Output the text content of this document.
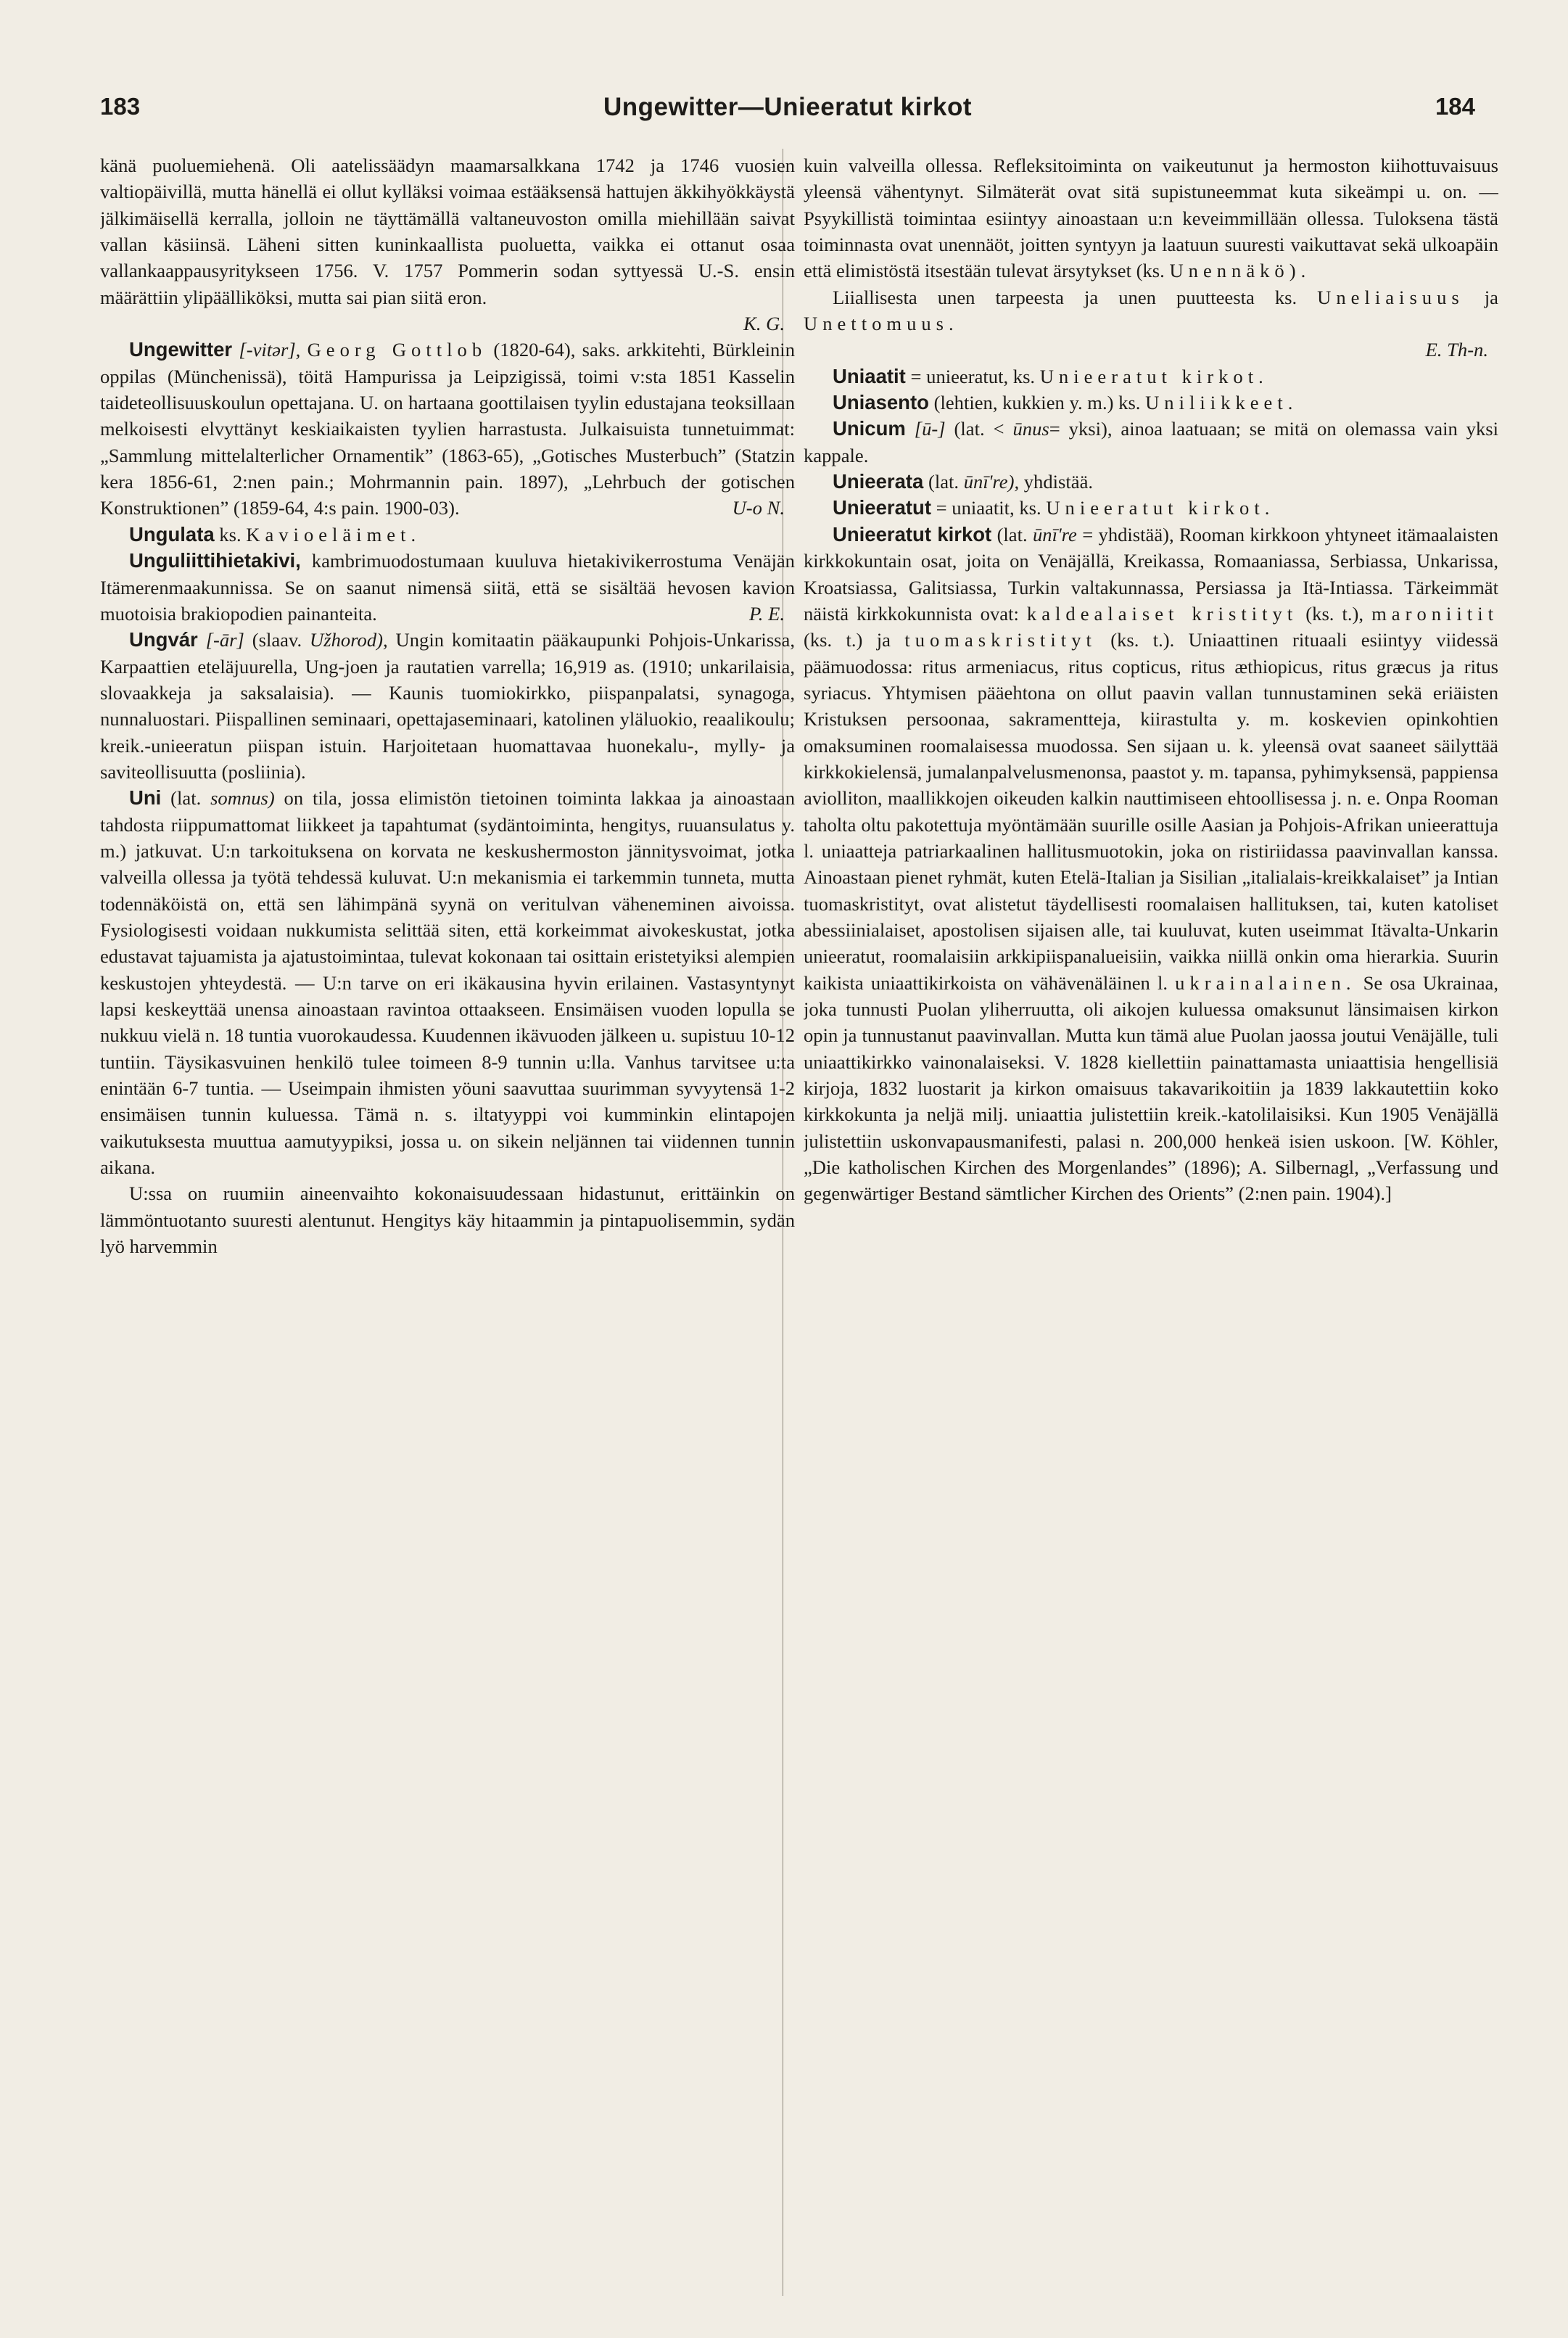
183	Ungewitter—Unieeratut kirkot	184

känä puoluemiehenä. Oli aatelissäädyn maamarsalkkana 1742 ja 1746 vuosien valtiopäivillä, mutta hänellä ei ollut kylläksi voimaa estääksensä hattujen äkkihyökkäystä jälkimäisellä kerralla, jolloin ne täyttämällä valtaneuvoston omilla miehillään saivat vallan käsiinsä. Läheni sitten kuninkaallista puoluetta, vaikka ei ottanut osaa vallankaappausyritykseen 1756. V. 1757 Pommerin sodan syttyessä U.-S. ensin määrättiin ylipäälliköksi, mutta sai pian siitä eron.

K. G.

Ungewitter [-vitər], Georg Gottlob (1820-64), saks. arkkitehti, Bürkleinin oppilas (Münchenissä), töitä Hampurissa ja Leipzigissä, toimi v:sta 1851 Kasselin taideteollisuuskoulun opettajana. U. on hartaana goottilaisen tyylin edustajana teoksillaan melkoisesti elvyttänyt keskiaikaisten tyylien harrastusta. Julkaisuista tunnetuimmat: „Sammlung mittelalterlicher Ornamentik” (1863-65), „Gotisches Musterbuch” (Statzin kera 1856-61, 2:nen pain.; Mohrmannin pain. 1897), „Lehrbuch der gotischen Konstruktionen” (1859-64, 4:s pain. 1900-03).	U-o N.

Ungulata ks. Kavioeläimet.

Unguliittihietakivi, kambrimuodostumaan kuuluva hietakivikerrostuma Venäjän Itämerenmaakunnissa. Se on saanut nimensä siitä, että se sisältää hevosen kavion muotoisia brakiopodien painanteita.	P. E.

Ungvár [-ār] (slaav. Užhorod), Ungin komitaatin pääkaupunki Pohjois-Unkarissa, Karpaattien eteläjuurella, Ung-joen ja rautatien varrella; 16,919 as. (1910; unkarilaisia, slovaakkeja ja saksalaisia). — Kaunis tuomiokirkko, piispanpalatsi, synagoga, nunnaluostari. Piispallinen seminaari, opettajaseminaari, katolinen yläluokio, reaalikoulu; kreik.-unieeratun piispan istuin. Harjoitetaan huomattavaa huonekalu-, mylly- ja saviteollisuutta (posliinia).

Uni (lat. somnus) on tila, jossa elimistön tietoinen toiminta lakkaa ja ainoastaan tahdosta riippumattomat liikkeet ja tapahtumat (sydäntoiminta, hengitys, ruuansulatus y. m.) jatkuvat. U:n tarkoituksena on korvata ne keskushermoston jännitysvoimat, jotka valveilla ollessa ja työtä tehdessä kuluvat. U:n mekanismia ei tarkemmin tunneta, mutta todennäköistä on, että sen lähimpänä syynä on veritulvan väheneminen aivoissa. Fysiologisesti voidaan nukkumista selittää siten, että korkeimmat aivokeskustat, jotka edustavat tajuamista ja ajatustoimintaa, tulevat kokonaan tai osittain eristetyiksi alempien keskustojen yhteydestä. — U:n tarve on eri ikäkausina hyvin erilainen. Vastasyntynyt lapsi keskeyttää unensa ainoastaan ravintoa ottaakseen. Ensimäisen vuoden lopulla se nukkuu vielä n. 18 tuntia vuorokaudessa. Kuudennen ikävuoden jälkeen u. supistuu 10-12 tuntiin. Täysikasvuinen henkilö tulee toimeen 8-9 tunnin u:lla. Vanhus tarvitsee u:ta enintään 6-7 tuntia. — Useimpain ihmisten yöuni saavuttaa suurimman syvyytensä 1-2 ensimäisen tunnin kuluessa. Tämä n. s. iltatyyppi voi kumminkin elintapojen vaikutuksesta muuttua aamutyypiksi, jossa u. on sikein neljännen tai viidennen tunnin aikana.

U:ssa on ruumiin aineenvaihto kokonaisuudessaan hidastunut, erittäinkin on lämmöntuotanto suuresti alentunut. Hengitys käy hitaammin ja pintapuolisemmin, sydän lyö harvemmin

kuin valveilla ollessa. Refleksitoiminta on vaikeutunut ja hermoston kiihottuvaisuus yleensä vähentynyt. Silmäterät ovat sitä supistuneemmat kuta sikeämpi u. on. — Psyykillistä toimintaa esiintyy ainoastaan u:n keveimmillään ollessa. Tuloksena tästä toiminnasta ovat unennäöt, joitten syntyyn ja laatuun suuresti vaikuttavat sekä ulkoapäin että elimistöstä itsestään tulevat ärsytykset (ks. Unennäkö).

Liiallisesta unen tarpeesta ja unen puutteesta ks. Uneliaisuus ja Unettomuus.

E. Th-n.

Uniaatit = unieeratut, ks. Unieeratut kirkot.

Uniasento (lehtien, kukkien y. m.) ks. Uniliikkeet.

Unicum [ū-] (lat. < ūnus= yksi), ainoa laatuaan; se mitä on olemassa vain yksi kappale.

Unieerata (lat. ūnī're), yhdistää.

Unieeratut = uniaatit, ks. Unieeratut kirkot.

Unieeratut kirkot (lat. ūnī're = yhdistää), Rooman kirkkoon yhtyneet itämaalaisten kirkkokuntain osat, joita on Venäjällä, Kreikassa, Romaaniassa, Serbiassa, Unkarissa, Kroatsiassa, Galitsiassa, Turkin valtakunnassa, Persiassa ja Itä-Intiassa. Tärkeimmät näistä kirkkokunnista ovat: kaldealaiset kristityt (ks. t.), maroniitit (ks. t.) ja tuomaskristityt (ks. t.). Uniaattinen rituaali esiintyy viidessä päämuodossa: ritus armeniacus, ritus copticus, ritus æthiopicus, ritus græcus ja ritus syriacus. Yhtymisen pääehtona on ollut paavin vallan tunnustaminen sekä eriäisten Kristuksen persoonaa, sakramentteja, kiirastulta y. m. koskevien opinkohtien omaksuminen roomalaisessa muodossa. Sen sijaan u. k. yleensä ovat saaneet säilyttää kirkkokielensä, jumalanpalvelusmenonsa, paastot y. m. tapansa, pyhimyksensä, pappiensa aviolliton, maallikkojen oikeuden kalkin nauttimiseen ehtoollisessa j. n. e. Onpa Rooman taholta oltu pakotettuja myöntämään suurille osille Aasian ja Pohjois-Afrikan unieerattuja l. uniaatteja patriarkaalinen hallitusmuotokin, joka on ristiriidassa paavinvallan kanssa. Ainoastaan pienet ryhmät, kuten Etelä-Italian ja Sisilian „italialais-kreikkalaiset” ja Intian tuomaskristityt, ovat alistetut täydellisesti roomalaisen hallituksen, tai, kuten katoliset abessiinialaiset, apostolisen sijaisen alle, tai kuuluvat, kuten useimmat Itävalta-Unkarin unieeratut, roomalaisiin arkkipiispanalueisiin, vaikka niillä onkin oma hierarkia. Suurin kaikista uniaattikirkoista on vähävenäläinen l. ukrainalainen. Se osa Ukrainaa, joka tunnusti Puolan yliherruutta, oli aikojen kuluessa omaksunut länsimaisen kirkon opin ja tunnustanut paavinvallan. Mutta kun tämä alue Puolan jaossa joutui Venäjälle, tuli uniaattikirkko vainonalaiseksi. V. 1828 kiellettiin painattamasta uniaattisia hengellisiä kirjoja, 1832 luostarit ja kirkon omaisuus takavarikoitiin ja 1839 lakkautettiin koko kirkkokunta ja neljä milj. uniaattia julistettiin kreik.-katolilaisiksi. Kun 1905 Venäjällä julistettiin uskonvapausmanifesti, palasi n. 200,000 henkeä isien uskoon. [W. Köhler, „Die katholischen Kirchen des Morgenlandes” (1896); A. Silbernagl, „Verfassung und gegenwärtiger Bestand sämtlicher Kirchen des Orients” (2:nen pain. 1904).]
